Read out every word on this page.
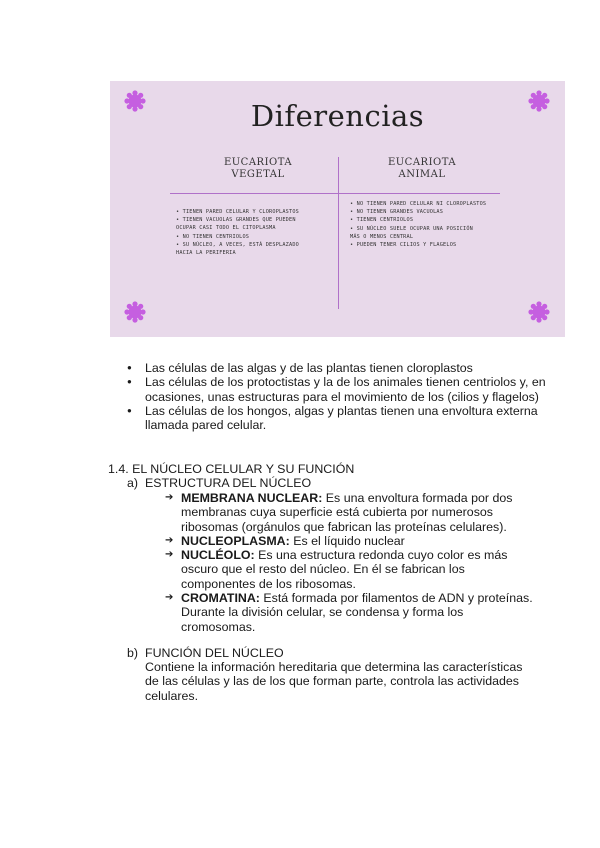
Diferencias
EUCARIOTA
VEGETAL
EUCARIOTA
ANIMAL
• TIENEN PARED CELULAR Y CLOROPLASTOS
• TIENEN VACUOLAS GRANDES QUE PUEDEN
OCUPAR CASI TODO EL CITOPLASMA
• NO TIENEN CENTRIOLOS
• SU NÚCLEO, A VECES, ESTÁ DESPLAZADO
HACIA LA PERIFERIA
• NO TIENEN PARED CELULAR NI CLOROPLASTOS
• NO TIENEN GRANDES VACUOLAS
• TIENEN CENTRIOLOS
• SU NÚCLEO SUELE OCUPAR UNA POSICIÓN
MÁS O MENOS CENTRAL
• PUEDEN TENER CILIOS Y FLAGELOS
● Las células de las algas y de las plantas tienen cloroplastos
● Las células de los protoctistas y la de los animales tienen centriolos y, en ocasiones, unas estructuras para el movimiento de los (cilios y flagelos)
● Las células de los hongos, algas y plantas tienen una envoltura externa llamada pared celular.
1.4. EL NÚCLEO CELULAR Y SU FUNCIÓN
a) ESTRUCTURA DEL NÚCLEO
➔ MEMBRANA NUCLEAR: Es una envoltura formada por dos membranas cuya superficie está cubierta por numerosos ribosomas (orgánulos que fabrican las proteínas celulares).
➔ NUCLEOPLASMA: Es el líquido nuclear
➔ NUCLÉOLO: Es una estructura redonda cuyo color es más oscuro que el resto del núcleo. En él se fabrican los componentes de los ribosomas.
➔ CROMATINA: Está formada por filamentos de ADN y proteínas. Durante la división celular, se condensa y forma los cromosomas.
b) FUNCIÓN DEL NÚCLEO
Contiene la información hereditaria que determina las características de las células y las de los que forman parte, controla las actividades celulares.
